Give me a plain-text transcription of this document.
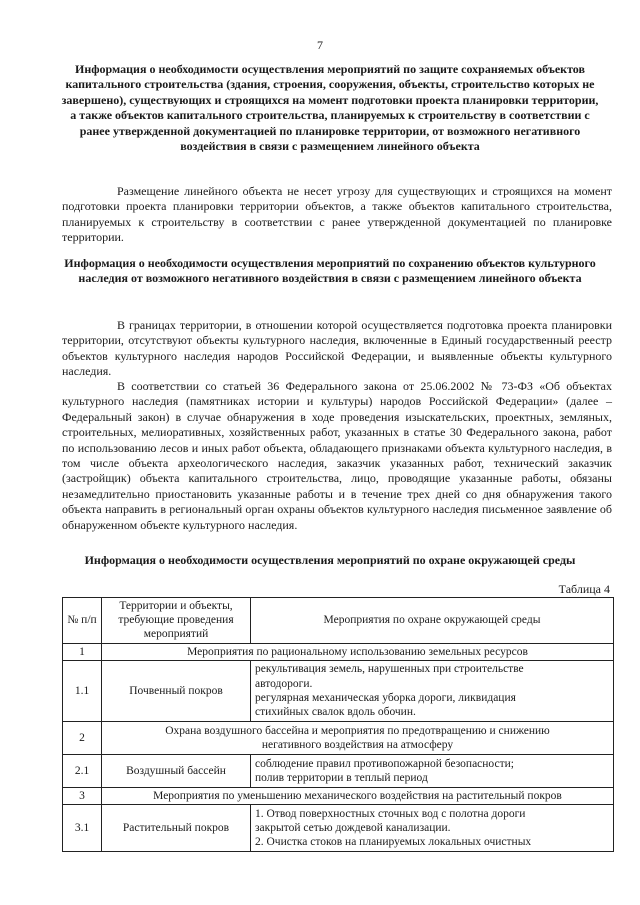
7
Информация о необходимости осуществления мероприятий по защите сохраняемых объектов капитального строительства (здания, строения, сооружения, объекты, строительство которых не завершено), существующих и строящихся на момент подготовки проекта планировки территории, а также объектов капитального строительства, планируемых к строительству в соответствии с ранее утвержденной документацией по планировке территории, от возможного негативного воздействия в связи с размещением линейного объекта
Размещение линейного объекта не несет угрозу для существующих и строящихся на момент подготовки проекта планировки территории объектов, а также объектов капитального строительства, планируемых к строительству в соответствии с ранее утвержденной документацией по планировке территории.
Информация о необходимости осуществления мероприятий по сохранению объектов культурного наследия от возможного негативного воздействия в связи с размещением линейного объекта
В границах территории, в отношении которой осуществляется подготовка проекта планировки территории, отсутствуют объекты культурного наследия, включенные в Единый государственный реестр объектов культурного наследия народов Российской Федерации, и выявленные объекты культурного наследия.
В соответствии со статьей 36 Федерального закона от 25.06.2002 № 73-ФЗ «Об объектах культурного наследия (памятниках истории и культуры) народов Российской Федерации» (далее – Федеральный закон) в случае обнаружения в ходе проведения изыскательских, проектных, земляных, строительных, мелиоративных, хозяйственных работ, указанных в статье 30 Федерального закона, работ по использованию лесов и иных работ объекта, обладающего признаками объекта культурного наследия, в том числе объекта археологического наследия, заказчик указанных работ, технический заказчик (застройщик) объекта капитального строительства, лицо, проводящие указанные работы, обязаны незамедлительно приостановить указанные работы и в течение трех дней со дня обнаружения такого объекта направить в региональный орган охраны объектов культурного наследия письменное заявление об обнаруженном объекте культурного наследия.
Информация о необходимости осуществления мероприятий по охране окружающей среды
Таблица 4
№ п/п	Территории и объекты, требующие проведения мероприятий	Мероприятия по охране окружающей среды
1	Мероприятия по рациональному использованию земельных ресурсов	
1.1	Почвенный покров	рекультивация земель, нарушенных при строительстве
автодороги.
регулярная механическая уборка дороги, ликвидация
стихийных свалок вдоль обочин.

2	Охрана воздушного бассейна и мероприятия по предотвращению и снижению
негативного воздействия на атмосферу	

2.1	Воздушный бассейн	соблюдение правил противопожарной безопасности;
полив территории в теплый период

3	Мероприятия по уменьшению механического воздействия на растительный покров	
3.1	Растительный покров	1. Отвод поверхностных сточных вод с полотна дороги
закрытой сетью дождевой канализации.
2. Очистка стоков на планируемых локальных очистных
